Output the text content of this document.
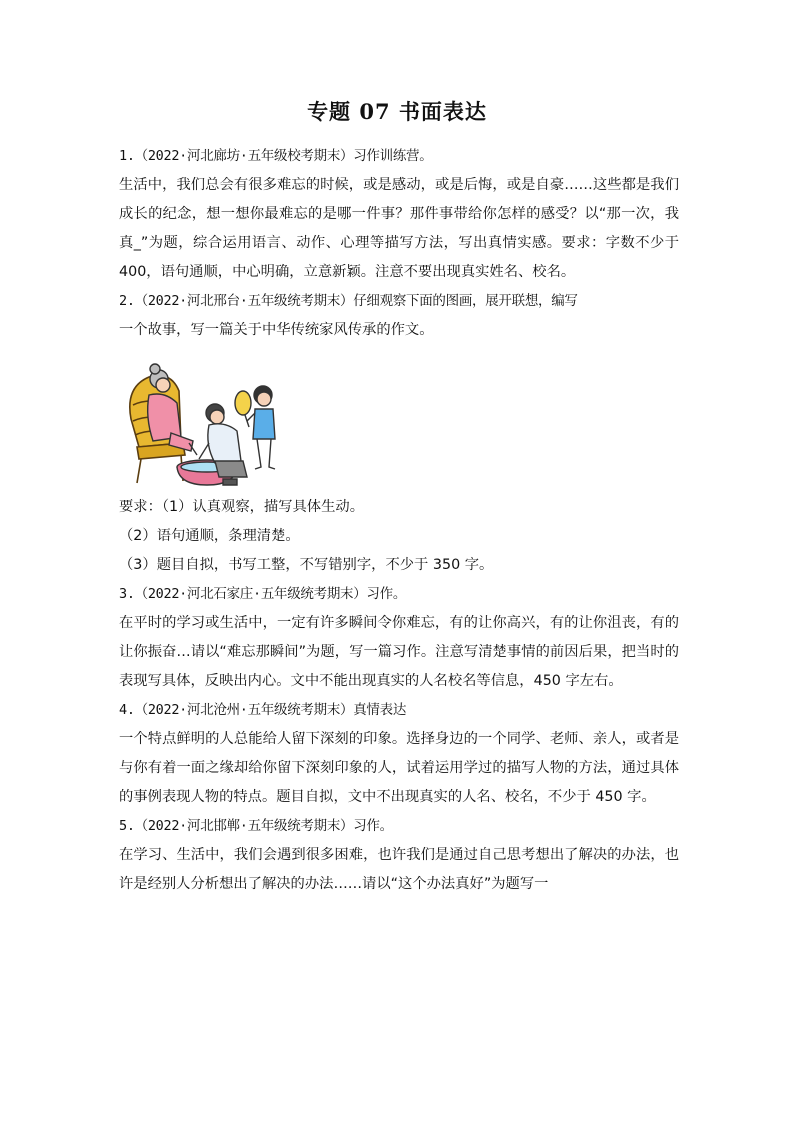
专题 07 书面表达
1.（2022·河北廊坊·五年级校考期末）习作训练营。
生活中，我们总会有很多难忘的时候，或是感动，或是后悔，或是自豪……这些都是我们成长的纪念，想一想你最难忘的是哪一件事？那件事带给你怎样的感受？以“那一次，我真_”为题，综合运用语言、动作、心理等描写方法，写出真情实感。要求：字数不少于 400，语句通顺，中心明确，立意新颖。注意不要出现真实姓名、校名。
2.（2022·河北邢台·五年级统考期末）仔细观察下面的图画，展开联想，编写
一个故事，写一篇关于中华传统家风传承的作文。
要求：（1）认真观察，描写具体生动。
（2）语句通顺，条理清楚。
（3）题目自拟，书写工整，不写错别字，不少于 350 字。
3.（2022·河北石家庄·五年级统考期末）习作。
在平时的学习或生活中，一定有许多瞬间令你难忘，有的让你高兴，有的让你沮丧，有的让你振奋…请以“难忘那瞬间”为题，写一篇习作。注意写清楚事情的前因后果，把当时的表现写具体，反映出内心。文中不能出现真实的人名校名等信息，450 字左右。
4.（2022·河北沧州·五年级统考期末）真情表达
一个特点鲜明的人总能给人留下深刻的印象。选择身边的一个同学、老师、亲人，或者是与你有着一面之缘却给你留下深刻印象的人，试着运用学过的描写人物的方法，通过具体的事例表现人物的特点。题目自拟，文中不出现真实的人名、校名，不少于 450 字。
5.（2022·河北邯郸·五年级统考期末）习作。
在学习、生活中，我们会遇到很多困难，也许我们是通过自己思考想出了解决的办法，也许是经别人分析想出了解决的办法……请以“这个办法真好”为题写一
